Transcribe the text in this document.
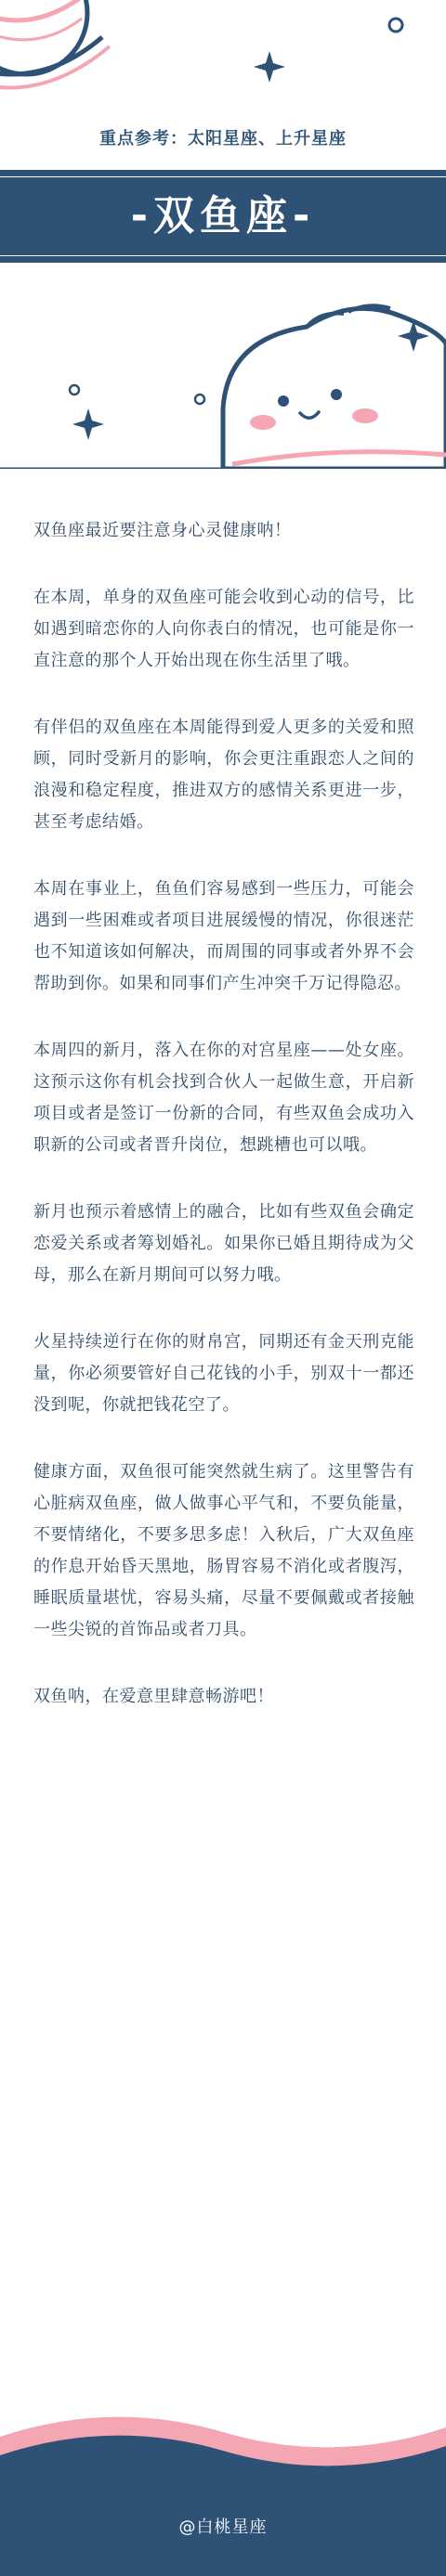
重点参考：太阳星座、上升星座
-双鱼座-

双鱼座最近要注意身心灵健康呐！

在本周，单身的双鱼座可能会收到心动的信号，比如遇到暗恋你的人向你表白的情况，也可能是你一直注意的那个人开始出现在你生活里了哦。

有伴侣的双鱼座在本周能得到爱人更多的关爱和照顾，同时受新月的影响，你会更注重跟恋人之间的浪漫和稳定程度，推进双方的感情关系更进一步，甚至考虑结婚。

本周在事业上，鱼鱼们容易感到一些压力，可能会遇到一些困难或者项目进展缓慢的情况，你很迷茫也不知道该如何解决，而周围的同事或者外界不会帮助到你。如果和同事们产生冲突千万记得隐忍。

本周四的新月，落入在你的对宫星座——处女座。这预示这你有机会找到合伙人一起做生意，开启新项目或者是签订一份新的合同，有些双鱼会成功入职新的公司或者晋升岗位，想跳槽也可以哦。

新月也预示着感情上的融合，比如有些双鱼会确定恋爱关系或者筹划婚礼。如果你已婚且期待成为父母，那么在新月期间可以努力哦。

火星持续逆行在你的财帛宫，同期还有金天刑克能量，你必须要管好自己花钱的小手，别双十一都还没到呢，你就把钱花空了。

健康方面，双鱼很可能突然就生病了。这里警告有心脏病双鱼座，做人做事心平气和，不要负能量，不要情绪化，不要多思多虑！入秋后，广大双鱼座的作息开始昏天黑地，肠胃容易不消化或者腹泻，睡眠质量堪忧，容易头痛，尽量不要佩戴或者接触一些尖锐的首饰品或者刀具。

双鱼呐，在爱意里肆意畅游吧！

@白桃星座
